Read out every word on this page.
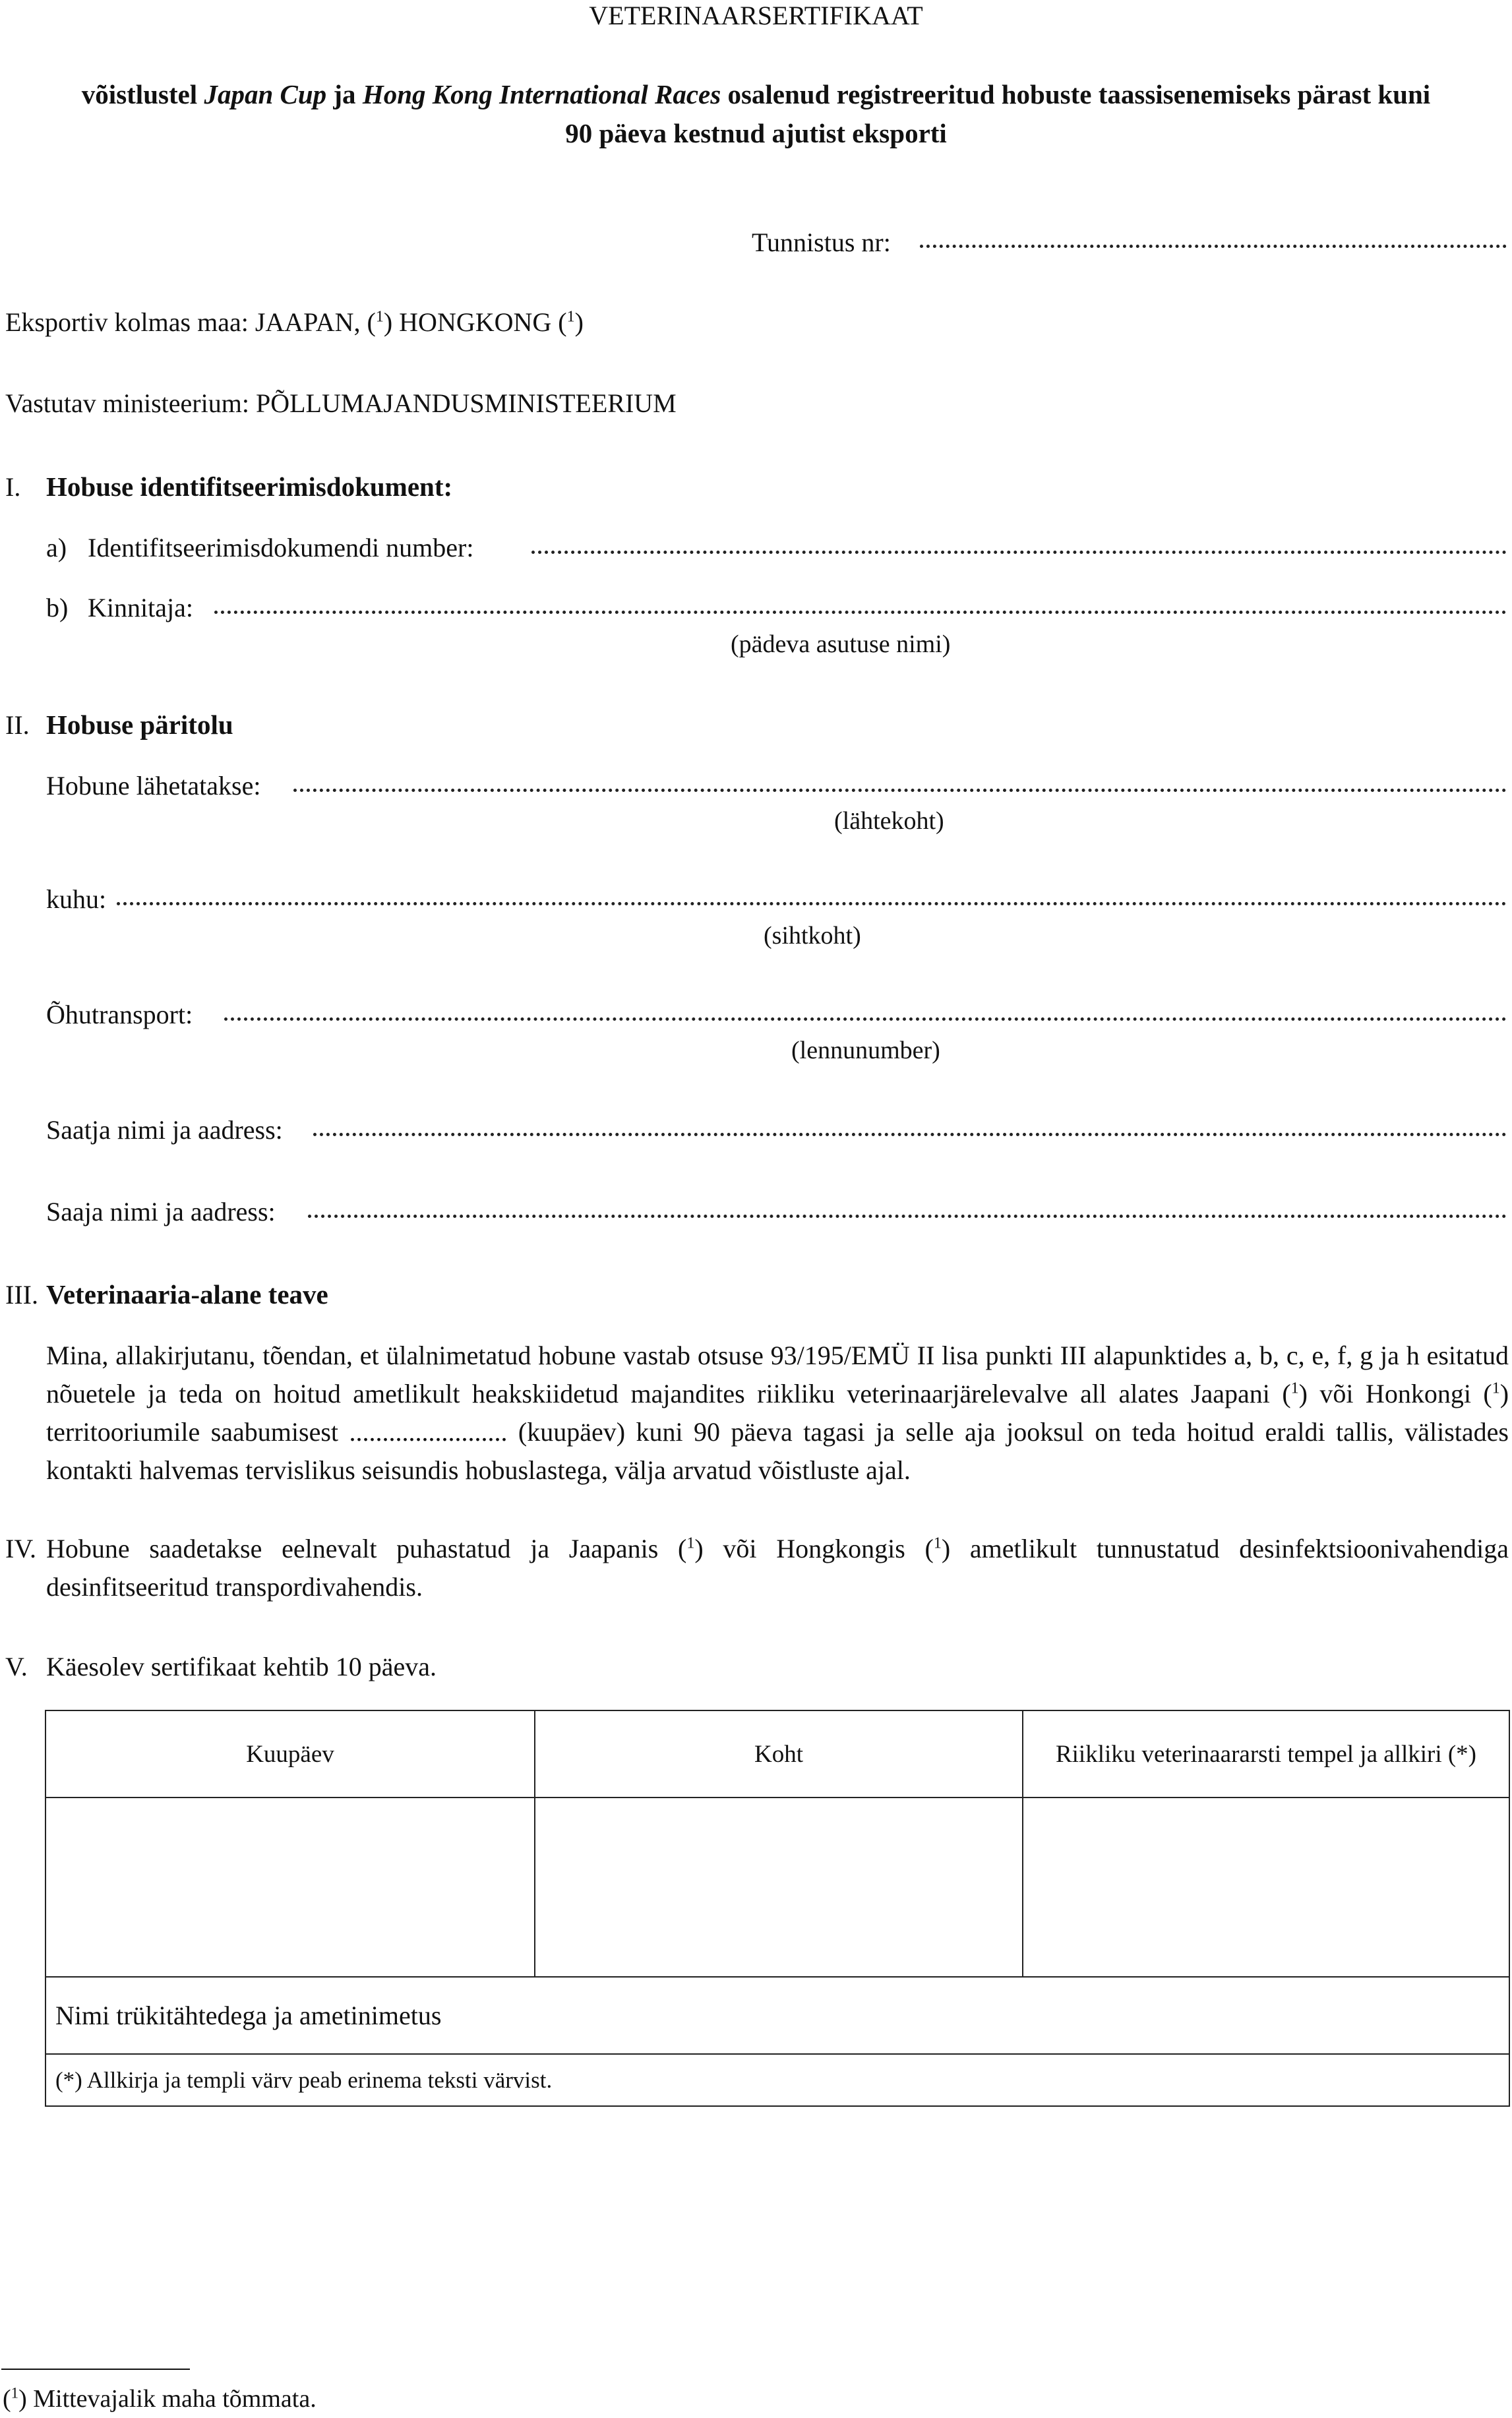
VETERINAARSERTIFIKAAT
võistlustel Japan Cup ja Hong Kong International Races osalenud registreeritud hobuste taassisenemiseks pärast kuni
90 päeva kestnud ajutist eksporti
Tunnistus nr:
Eksportiv kolmas maa: JAAPAN, ($^1$) HONGKONG ($^1$)
Vastutav ministeerium: PÕLLUMAJANDUSMINISTEERIUM
I. Hobuse identifitseerimisdokument:
a) Identifitseerimisdokumendi number:
b) Kinnitaja:
(pädeva asutuse nimi)
II. Hobuse päritolu
Hobune lähetatakse:
(lähtekoht)
kuhu:
(sihtkoht)
Õhutransport:
(lennunumber)
Saatja nimi ja aadress:
Saaja nimi ja aadress:
III. Veterinaaria-alane teave
Mina, allakirjutanu, tõendan, et ülalnimetatud hobune vastab otsuse 93/195/EMÜ II lisa punkti III alapunktides a, b, c, e, f, g ja h esitatud nõuetele ja teda on hoitud ametlikult heakskiidetud majandites riikliku veterinaarjärelevalve all alates Jaapani ($^1$) või Honkongi ($^1$) territooriumile saabumisest ........................ (kuupäev) kuni 90 päeva tagasi ja selle aja jooksul on teda hoitud eraldi tallis, välistades kontakti halvemas tervislikus seisundis hobuslastega, välja arvatud võistluste ajal.
IV. Hobune saadetakse eelnevalt puhastatud ja Jaapanis ($^1$) või Hongkongis ($^1$) ametlikult tunnustatud desinfektsioonivahendiga desinfitseeritud transpordivahendis.
V. Käesolev sertifikaat kehtib 10 päeva.
Kuupäev	Koht	Riikliku veterinaararsti tempel ja allkiri (*)

Nimi trükitähtedega ja ametinimetus		
(*) Allkirja ja templi värv peab erinema teksti värvist.		
($^1$) Mittevajalik maha tõmmata.
